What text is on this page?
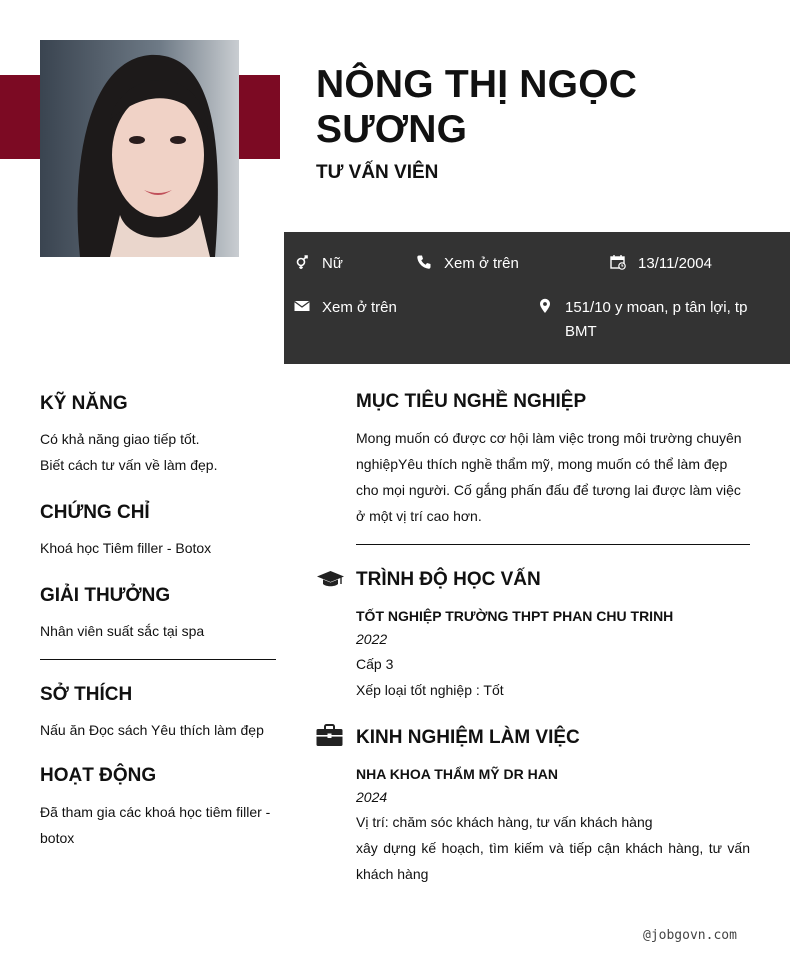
NÔNG THỊ NGỌC SƯƠNG
TƯ VẤN VIÊN
Nữ	Xem ở trên	13/11/2004
Xem ở trên	151/10 y moan, p tân lợi, tp BMT
KỸ NĂNG
Có khả năng giao tiếp tốt.
Biết cách tư vấn về làm đẹp.
CHỨNG CHỈ
Khoá học Tiêm filler - Botox
GIẢI THƯỞNG
Nhân viên suất sắc tại spa
SỞ THÍCH
Nấu ăn Đọc sách Yêu thích làm đẹp
HOẠT ĐỘNG
Đã tham gia các khoá học tiêm filler - botox
MỤC TIÊU NGHỀ NGHIỆP
Mong muốn có được cơ hội làm việc trong môi trường chuyên nghiệpYêu thích nghề thẩm mỹ, mong muốn có thể làm đẹp cho mọi người. Cố gắng phấn đấu để tương lai được làm việc ở một vị trí cao hơn.
TRÌNH ĐỘ HỌC VẤN
TỐT NGHIỆP TRƯỜNG THPT PHAN CHU TRINH
2022
Cấp 3
Xếp loại tốt nghiệp : Tốt
KINH NGHIỆM LÀM VIỆC
NHA KHOA THẨM MỸ DR HAN
2024
Vị trí: chăm sóc khách hàng, tư vấn khách hàng
xây dựng kế hoạch, tìm kiếm và tiếp cận khách hàng, tư vấn khách hàng
@jobgovn.com
